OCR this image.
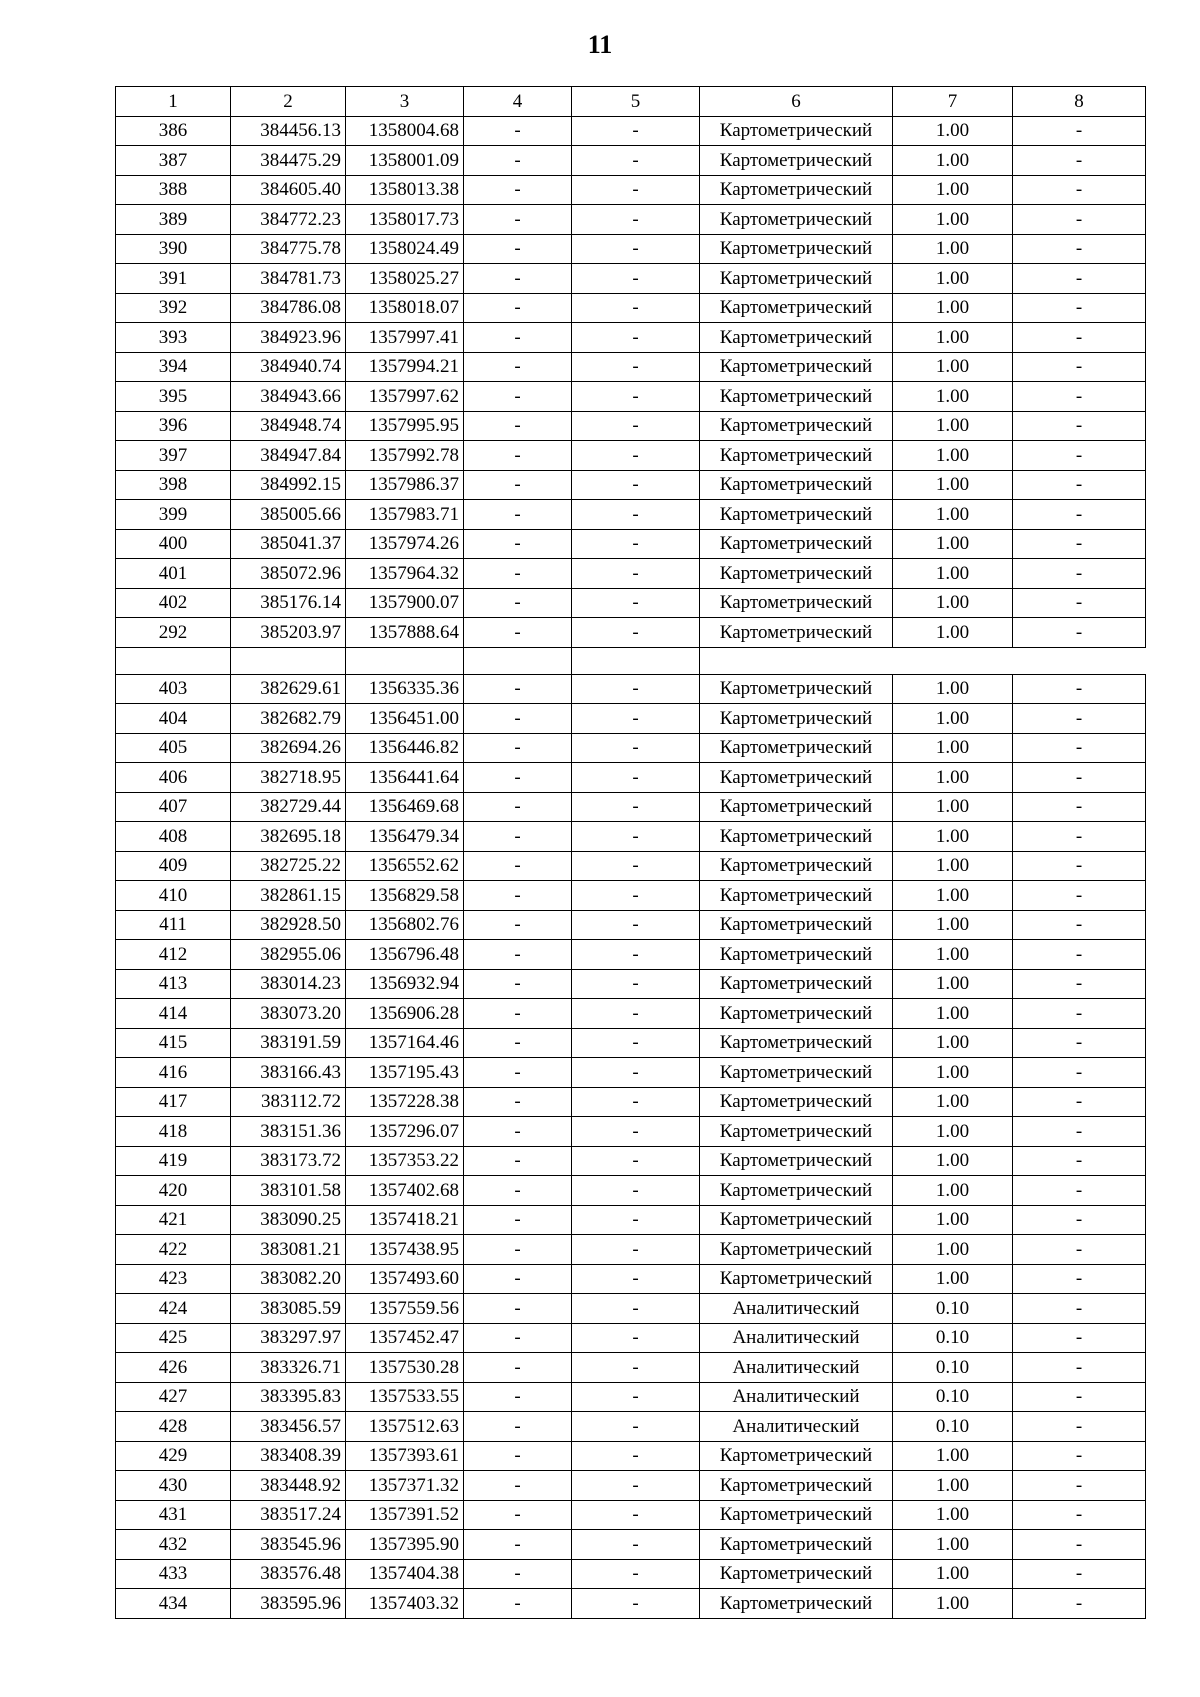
11
1	2	3	4	5	6	7	8
386	384456.13	1358004.68	-	-	Картометрический	1.00	-
387	384475.29	1358001.09	-	-	Картометрический	1.00	-
388	384605.40	1358013.38	-	-	Картометрический	1.00	-
389	384772.23	1358017.73	-	-	Картометрический	1.00	-
390	384775.78	1358024.49	-	-	Картометрический	1.00	-
391	384781.73	1358025.27	-	-	Картометрический	1.00	-
392	384786.08	1358018.07	-	-	Картометрический	1.00	-
393	384923.96	1357997.41	-	-	Картометрический	1.00	-
394	384940.74	1357994.21	-	-	Картометрический	1.00	-
395	384943.66	1357997.62	-	-	Картометрический	1.00	-
396	384948.74	1357995.95	-	-	Картометрический	1.00	-
397	384947.84	1357992.78	-	-	Картометрический	1.00	-
398	384992.15	1357986.37	-	-	Картометрический	1.00	-
399	385005.66	1357983.71	-	-	Картометрический	1.00	-
400	385041.37	1357974.26	-	-	Картометрический	1.00	-
401	385072.96	1357964.32	-	-	Картометрический	1.00	-
402	385176.14	1357900.07	-	-	Картометрический	1.00	-
292	385203.97	1357888.64	-	-	Картометрический	1.00	-

403	382629.61	1356335.36	-	-	Картометрический	1.00	-
404	382682.79	1356451.00	-	-	Картометрический	1.00	-
405	382694.26	1356446.82	-	-	Картометрический	1.00	-
406	382718.95	1356441.64	-	-	Картометрический	1.00	-
407	382729.44	1356469.68	-	-	Картометрический	1.00	-
408	382695.18	1356479.34	-	-	Картометрический	1.00	-
409	382725.22	1356552.62	-	-	Картометрический	1.00	-
410	382861.15	1356829.58	-	-	Картометрический	1.00	-
411	382928.50	1356802.76	-	-	Картометрический	1.00	-
412	382955.06	1356796.48	-	-	Картометрический	1.00	-
413	383014.23	1356932.94	-	-	Картометрический	1.00	-
414	383073.20	1356906.28	-	-	Картометрический	1.00	-
415	383191.59	1357164.46	-	-	Картометрический	1.00	-
416	383166.43	1357195.43	-	-	Картометрический	1.00	-
417	383112.72	1357228.38	-	-	Картометрический	1.00	-
418	383151.36	1357296.07	-	-	Картометрический	1.00	-
419	383173.72	1357353.22	-	-	Картометрический	1.00	-
420	383101.58	1357402.68	-	-	Картометрический	1.00	-
421	383090.25	1357418.21	-	-	Картометрический	1.00	-
422	383081.21	1357438.95	-	-	Картометрический	1.00	-
423	383082.20	1357493.60	-	-	Картометрический	1.00	-
424	383085.59	1357559.56	-	-	Аналитический	0.10	-
425	383297.97	1357452.47	-	-	Аналитический	0.10	-
426	383326.71	1357530.28	-	-	Аналитический	0.10	-
427	383395.83	1357533.55	-	-	Аналитический	0.10	-
428	383456.57	1357512.63	-	-	Аналитический	0.10	-
429	383408.39	1357393.61	-	-	Картометрический	1.00	-
430	383448.92	1357371.32	-	-	Картометрический	1.00	-
431	383517.24	1357391.52	-	-	Картометрический	1.00	-
432	383545.96	1357395.90	-	-	Картометрический	1.00	-
433	383576.48	1357404.38	-	-	Картометрический	1.00	-
434	383595.96	1357403.32	-	-	Картометрический	1.00	-
